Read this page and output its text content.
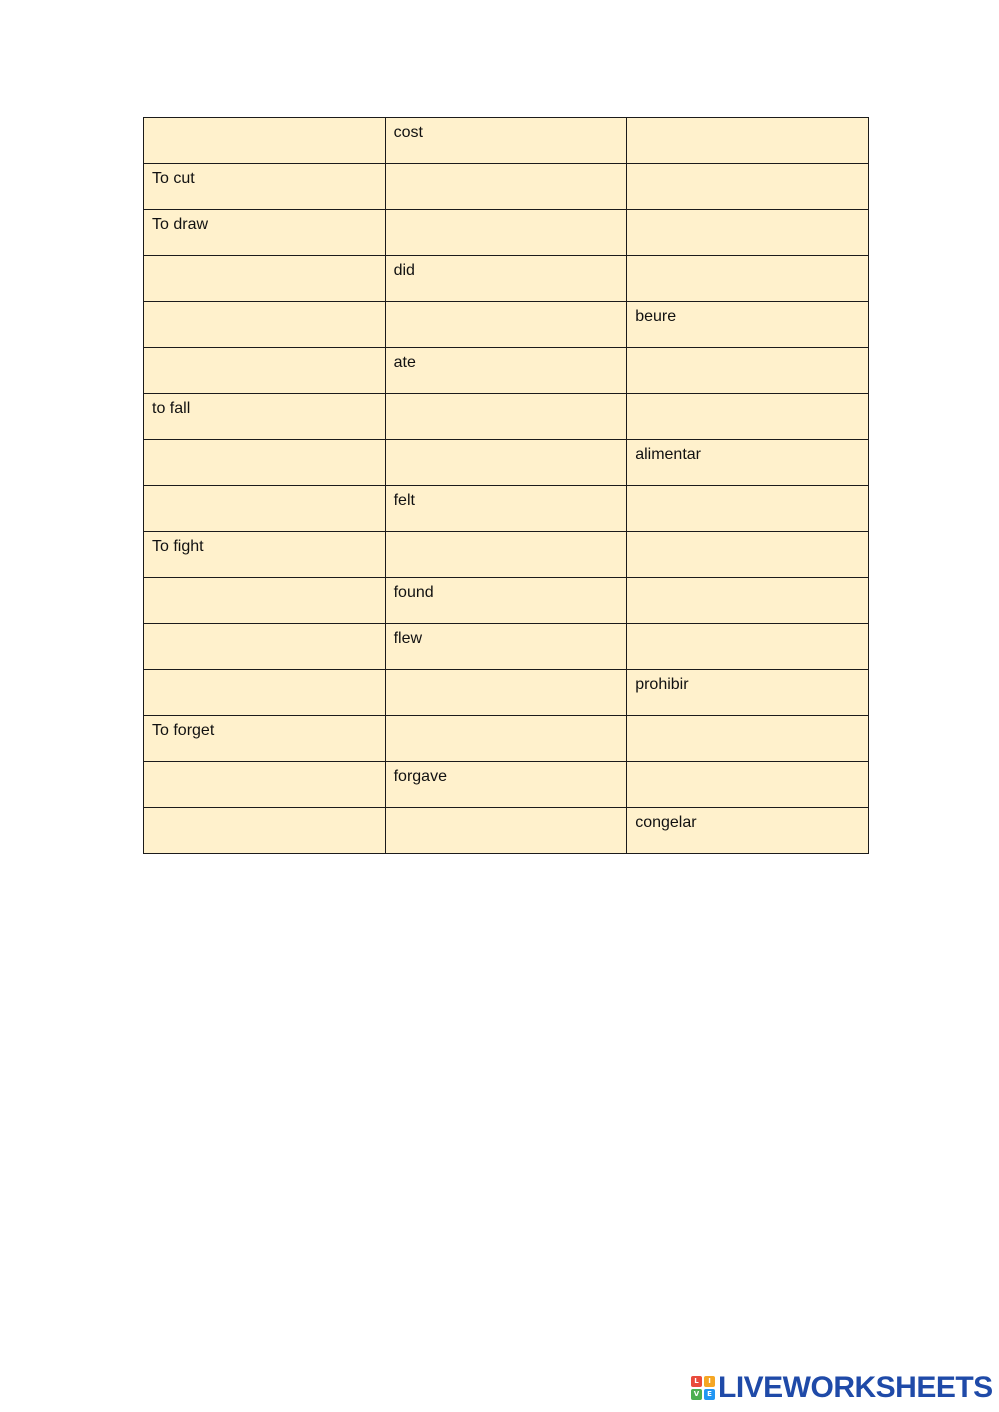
	cost	
To cut		
To draw		
	did	
		beure
	ate	
to fall		
		alimentar
	felt	
To fight		
	found	
	flew	
		prohibir
To forget		
	forgave	
		congelar
L	I
V	E LIVEWORKSHEETS
